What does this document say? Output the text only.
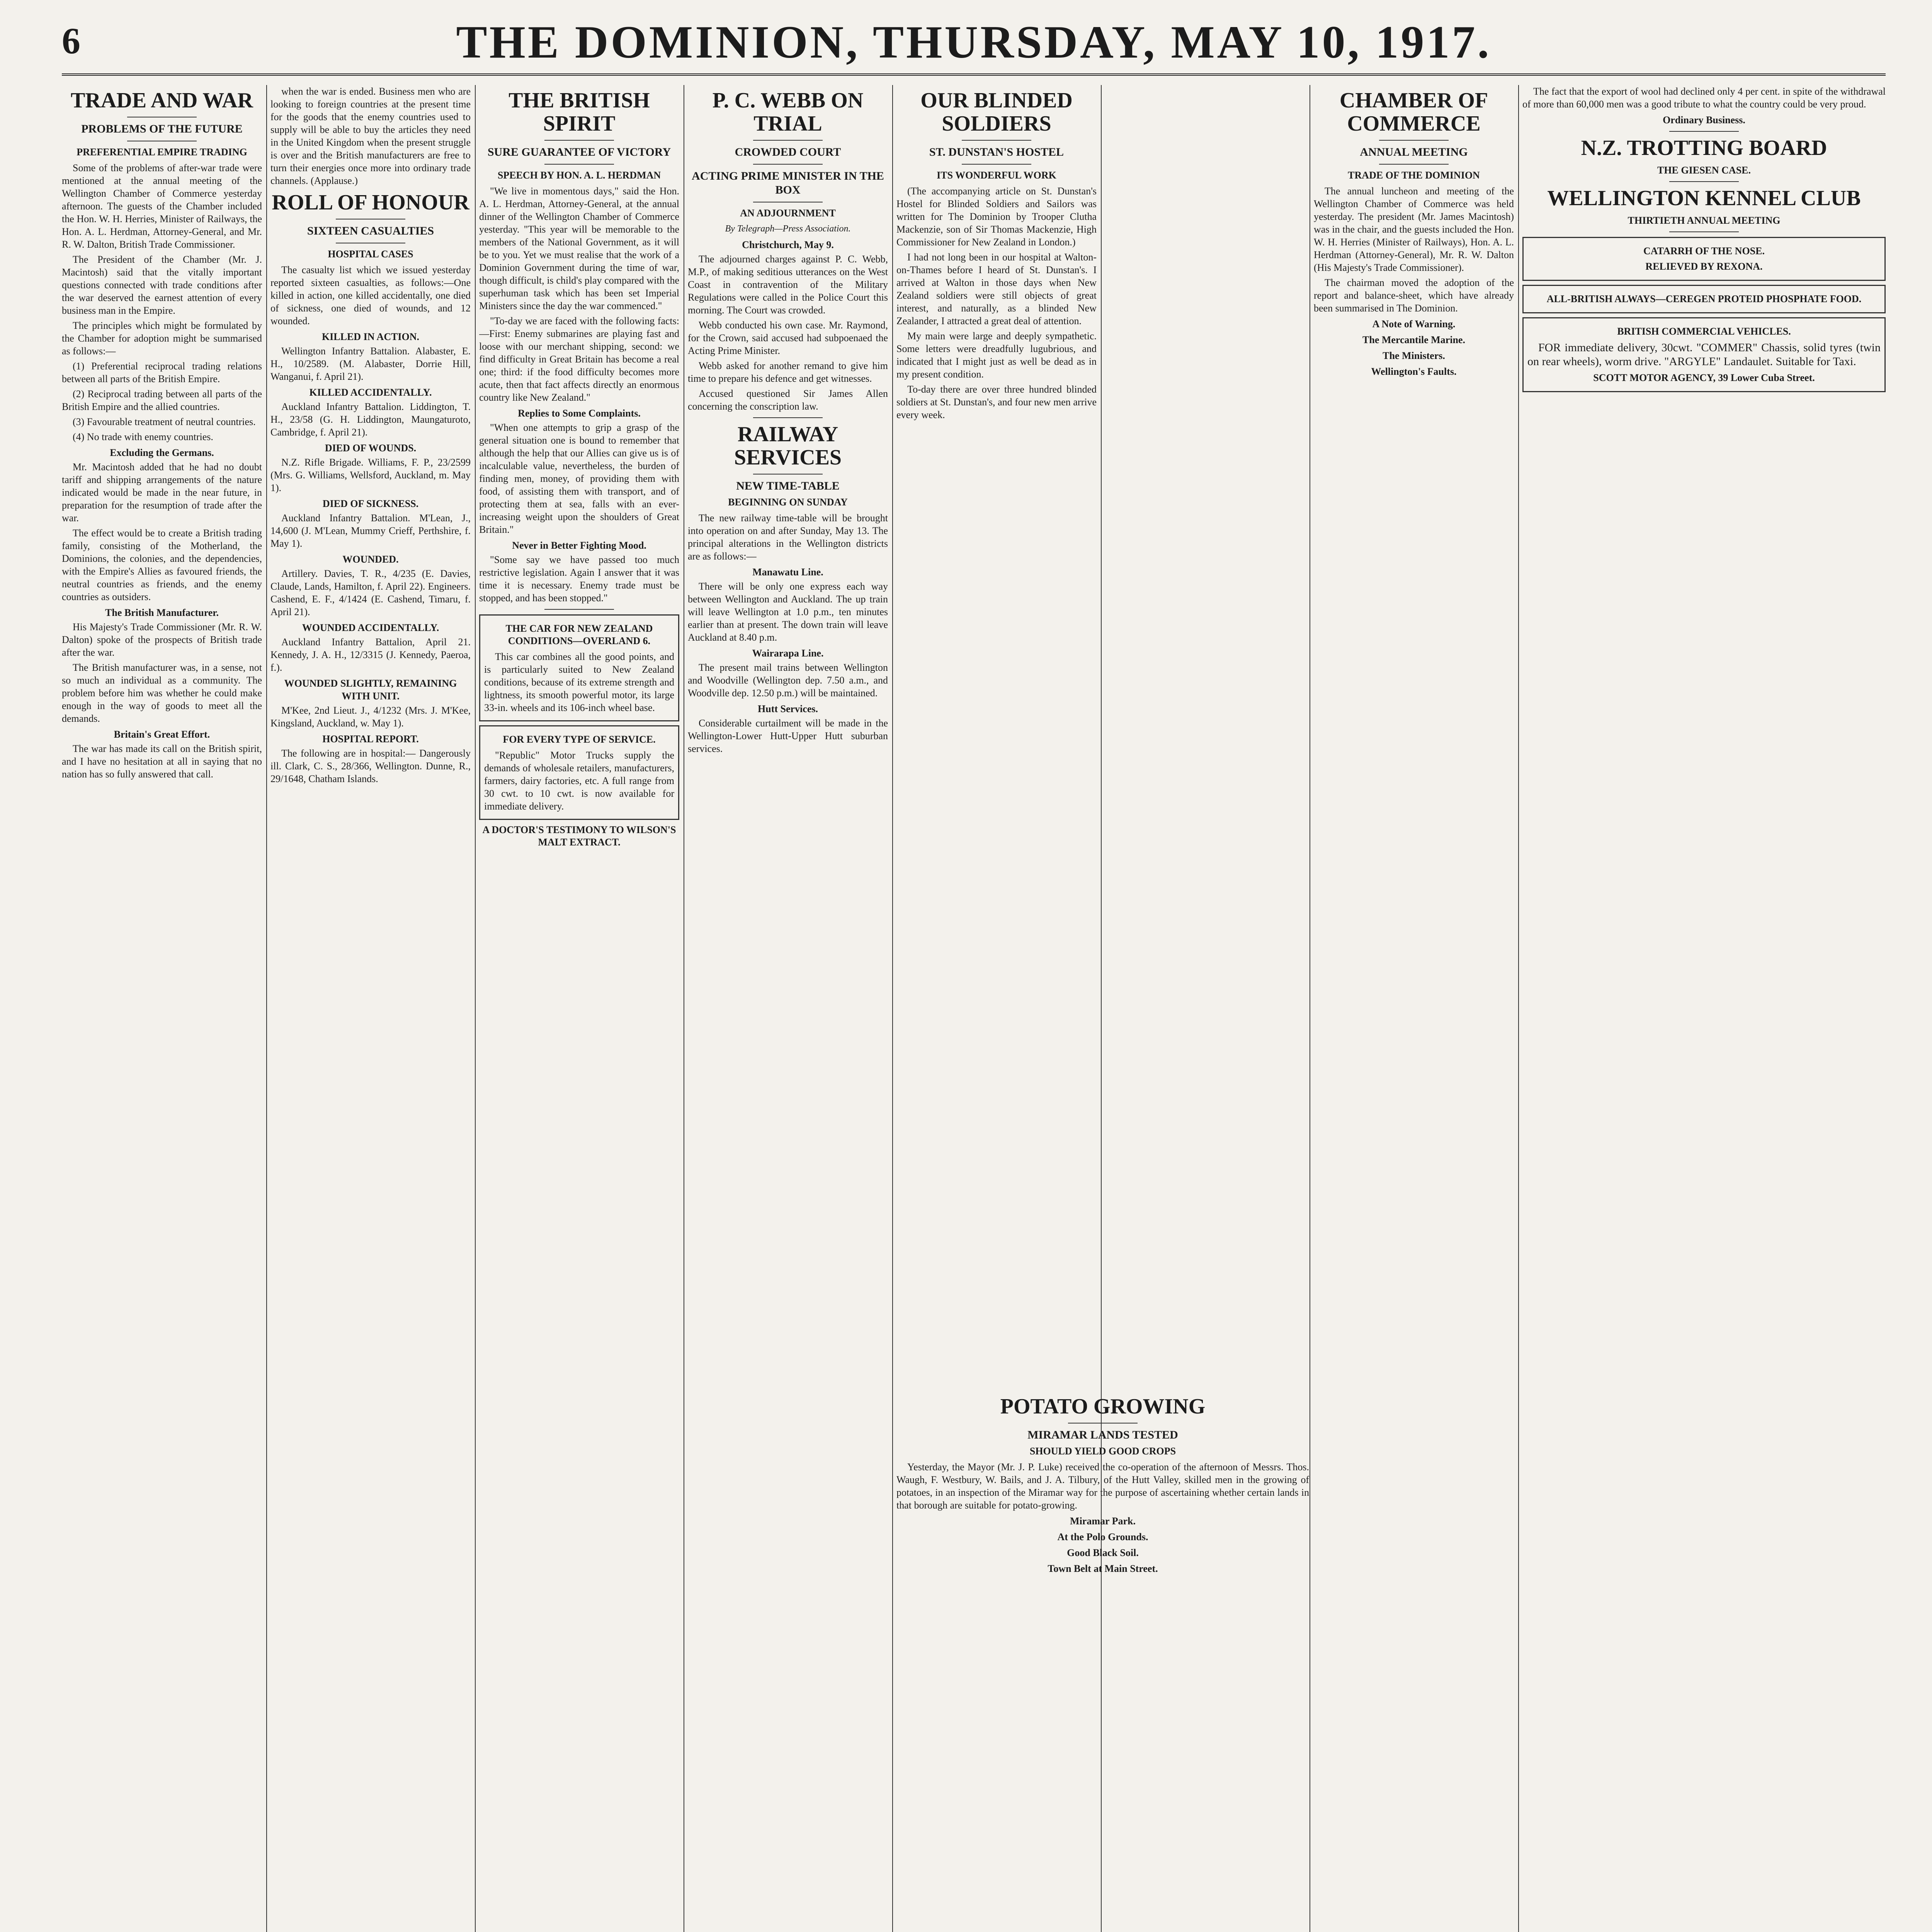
6	THE DOMINION, THURSDAY, MAY 10, 1917.
TRADE AND WAR
PROBLEMS OF THE FUTURE
PREFERENTIAL EMPIRE TRADING

Some of the problems of after-war trade were mentioned at the annual meeting of the Wellington Chamber of Commerce yesterday afternoon. The guests of the Chamber included the Hon. W. H. Herries, Minister of Railways, the Hon. A. L. Herdman, Attorney-General, and Mr. R. W. Dalton, British Trade Commissioner.

The President of the Chamber (Mr. J. Macintosh) said that the vitally important questions connected with trade conditions after the war deserved the earnest attention of every business man in the Empire.

The principles which might be formulated by the Chamber for adoption might be summarised as follows:—

(1) Preferential reciprocal trading relations between all parts of the British Empire.

(2) Reciprocal trading between all parts of the British Empire and the allied countries.

(3) Favourable treatment of neutral countries.

(4) No trade with enemy countries.

Excluding the Germans.

Mr. Macintosh added that he had no doubt tariff and shipping arrangements of the nature indicated would be made in the near future, in preparation for the resumption of trade after the war.

The effect would be to create a British trading family, consisting of the Motherland, the Dominions, the colonies, and the dependencies, with the Empire's Allies as favoured friends, the neutral countries as friends, and the enemy countries as outsiders.

The British Manufacturer.

His Majesty's Trade Commissioner (Mr. R. W. Dalton) spoke of the prospects of British trade after the war.

The British manufacturer was, in a sense, not so much an individual as a community. The problem before him was whether he could make enough in the way of goods to meet all the demands.

Britain's Great Effort.

The war has made its call on the British spirit, and I have no hesitation at all in saying that no nation has so fully answered that call.

when the war is ended. Business men who are looking to foreign countries at the present time for the goods that the enemy countries used to supply will be able to buy the articles they need in the United Kingdom when the present struggle is over and the British manufacturers are free to turn their energies once more into ordinary trade channels. (Applause.)

ROLL OF HONOUR
SIXTEEN CASUALTIES
HOSPITAL CASES

The casualty list which we issued yesterday reported sixteen casualties, as follows:—One killed in action, one killed accidentally, one died of sickness, one died of wounds, and 12 wounded.

KILLED IN ACTION.

Wellington Infantry Battalion. Alabaster, E. H., 10/2589. (M. Alabaster, Dorrie Hill, Wanganui, f. April 21).

KILLED ACCIDENTALLY.

Auckland Infantry Battalion. Liddington, T. H., 23/58 (G. H. Liddington, Maungaturoto, Cambridge, f. April 21).

DIED OF WOUNDS.

N.Z. Rifle Brigade. Williams, F. P., 23/2599 (Mrs. G. Williams, Wellsford, Auckland, m. May 1).

DIED OF SICKNESS.

Auckland Infantry Battalion. M'Lean, J., 14,600 (J. M'Lean, Mummy Crieff, Perthshire, f. May 1).

WOUNDED.

Artillery. Davies, T. R., 4/235 (E. Davies, Claude, Lands, Hamilton, f. April 22). Engineers. Cashend, E. F., 4/1424 (E. Cashend, Timaru, f. April 21).

WOUNDED ACCIDENTALLY.

Auckland Infantry Battalion, April 21. Kennedy, J. A. H., 12/3315 (J. Kennedy, Paeroa, f.).

WOUNDED SLIGHTLY, REMAINING WITH UNIT.

M'Kee, 2nd Lieut. J., 4/1232 (Mrs. J. M'Kee, Kingsland, Auckland, w. May 1).

HOSPITAL REPORT.

The following are in hospital:— Dangerously ill. Clark, C. S., 28/366, Wellington. Dunne, R., 29/1648, Chatham Islands.

THE BRITISH SPIRIT
SURE GUARANTEE OF VICTORY
SPEECH BY HON. A. L. HERDMAN

"We live in momentous days," said the Hon. A. L. Herdman, Attorney-General, at the annual dinner of the Wellington Chamber of Commerce yesterday. "This year will be memorable to the members of the National Government, as it will be to you. Yet we must realise that the work of a Dominion Government during the time of war, though difficult, is child's play compared with the superhuman task which has been set Imperial Ministers since the day the war commenced."

"To-day we are faced with the following facts:—First: Enemy submarines are playing fast and loose with our merchant shipping, second: we find difficulty in Great Britain has become a real one; third: if the food difficulty becomes more acute, then that fact affects directly an enormous country like New Zealand."

Replies to Some Complaints.

"When one attempts to grip a grasp of the general situation one is bound to remember that although the help that our Allies can give us is of incalculable value, nevertheless, the burden of finding men, money, of providing them with food, of assisting them with transport, and of protecting them at sea, falls with an ever-increasing weight upon the shoulders of Great Britain."

Never in Better Fighting Mood.

"Some say we have passed too much restrictive legislation. Again I answer that it was time it is necessary. Enemy trade must be stopped, and has been stopped."

THE CAR FOR NEW ZEALAND CONDITIONS—OVERLAND 6.

This car combines all the good points, and is particularly suited to New Zealand conditions, because of its extreme strength and lightness, its smooth powerful motor, its large 33-in. wheels and its 106-inch wheel base.

FOR EVERY TYPE OF SERVICE.

"Republic" Motor Trucks supply the demands of wholesale retailers, manufacturers, farmers, dairy factories, etc. A full range from 30 cwt. to 10 cwt. is now available for immediate delivery.

A DOCTOR'S TESTIMONY TO WILSON'S MALT EXTRACT.
P. C. WEBB ON TRIAL
CROWDED COURT
ACTING PRIME MINISTER IN THE BOX
AN ADJOURNMENT
By Telegraph—Press Association.
Christchurch, May 9.

The adjourned charges against P. C. Webb, M.P., of making seditious utterances on the West Coast in contravention of the Military Regulations were called in the Police Court this morning. The Court was crowded.

Webb conducted his own case. Mr. Raymond, for the Crown, said accused had subpoenaed the Acting Prime Minister.

Webb asked for another remand to give him time to prepare his defence and get witnesses.

Accused questioned Sir James Allen concerning the conscription law.

RAILWAY SERVICES
NEW TIME-TABLE
BEGINNING ON SUNDAY

The new railway time-table will be brought into operation on and after Sunday, May 13. The principal alterations in the Wellington districts are as follows:—

Manawatu Line.

There will be only one express each way between Wellington and Auckland. The up train will leave Wellington at 1.0 p.m., ten minutes earlier than at present. The down train will leave Auckland at 8.40 p.m.

Wairarapa Line.

The present mail trains between Wellington and Woodville (Wellington dep. 7.50 a.m., and Woodville dep. 12.50 p.m.) will be maintained.

Hutt Services.

Considerable curtailment will be made in the Wellington-Lower Hutt-Upper Hutt suburban services.

OUR BLINDED SOLDIERS
ST. DUNSTAN'S HOSTEL
ITS WONDERFUL WORK

(The accompanying article on St. Dunstan's Hostel for Blinded Soldiers and Sailors was written for The Dominion by Trooper Clutha Mackenzie, son of Sir Thomas Mackenzie, High Commissioner for New Zealand in London.)

I had not long been in our hospital at Walton-on-Thames before I heard of St. Dunstan's. I arrived at Walton in those days when New Zealand soldiers were still objects of great interest, and naturally, as a blinded New Zealander, I attracted a great deal of attention.

My main were large and deeply sympathetic. Some letters were dreadfully lugubrious, and indicated that I might just as well be dead as in my present condition.

To-day there are over three hundred blinded soldiers at St. Dunstan's, and four new men arrive every week.

POTATO GROWING
MIRAMAR LANDS TESTED
SHOULD YIELD GOOD CROPS

Yesterday, the Mayor (Mr. J. P. Luke) received the co-operation of the afternoon of Messrs. Thos. Waugh, F. Westbury, W. Bails, and J. A. Tilbury, of the Hutt Valley, skilled men in the growing of potatoes, in an inspection of the Miramar way for the purpose of ascertaining whether certain lands in that borough are suitable for potato-growing.

Miramar Park.
At the Polo Grounds.
Good Black Soil.
Town Belt at Main Street.
CHAMBER OF COMMERCE
ANNUAL MEETING
TRADE OF THE DOMINION

The annual luncheon and meeting of the Wellington Chamber of Commerce was held yesterday. The president (Mr. James Macintosh) was in the chair, and the guests included the Hon. W. H. Herries (Minister of Railways), Hon. A. L. Herdman (Attorney-General), Mr. R. W. Dalton (His Majesty's Trade Commissioner).

The chairman moved the adoption of the report and balance-sheet, which have already been summarised in The Dominion.

A Note of Warning.
The Mercantile Marine.
The Ministers.
Wellington's Faults.

The fact that the export of wool had declined only 4 per cent. in spite of the withdrawal of more than 60,000 men was a good tribute to what the country could be very proud.

Ordinary Business.
N.Z. TROTTING BOARD
THE GIESEN CASE.
WELLINGTON KENNEL CLUB
THIRTIETH ANNUAL MEETING
CATARRH OF THE NOSE.
RELIEVED BY REXONA.
ALL-BRITISH ALWAYS—CEREGEN PROTEID PHOSPHATE FOOD.
BRITISH COMMERCIAL VEHICLES.

FOR immediate delivery, 30cwt. "COMMER" Chassis, solid tyres (twin on rear wheels), worm drive. "ARGYLE" Landaulet. Suitable for Taxi.

SCOTT MOTOR AGENCY, 39 Lower Cuba Street.
